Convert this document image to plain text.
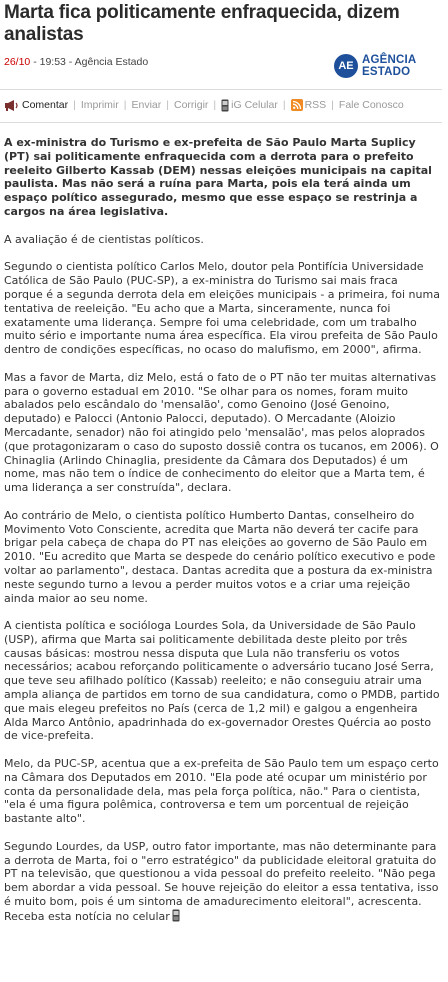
Marta fica politicamente enfraquecida, dizem analistas
26/10 - 19:53 - Agência Estado	AE AGÊNCIA
ESTADO
Comentar | Imprimir | Enviar | Corrigir | iG Celular | RSS | Fale Conosco

A ex-ministra do Turismo e ex-prefeita de São Paulo Marta Suplicy (PT) sai politicamente enfraquecida com a derrota para o prefeito reeleito Gilberto Kassab (DEM) nessas eleições municipais na capital paulista. Mas não será a ruína para Marta, pois ela terá ainda um espaço político assegurado, mesmo que esse espaço se restrinja a cargos na área legislativa.

A avaliação é de cientistas políticos.

Segundo o cientista político Carlos Melo, doutor pela Pontifícia Universidade Católica de São Paulo (PUC-SP), a ex-ministra do Turismo sai mais fraca porque é a segunda derrota dela em eleições municipais - a primeira, foi numa tentativa de reeleição. "Eu acho que a Marta, sinceramente, nunca foi exatamente uma liderança. Sempre foi uma celebridade, com um trabalho muito sério e importante numa área específica. Ela virou prefeita de São Paulo dentro de condições específicas, no ocaso do malufismo, em 2000", afirma.

Mas a favor de Marta, diz Melo, está o fato de o PT não ter muitas alternativas para o governo estadual em 2010. "Se olhar para os nomes, foram muito abalados pelo escândalo do 'mensalão', como Genoino (José Genoino, deputado) e Palocci (Antonio Palocci, deputado). O Mercadante (Aloizio Mercadante, senador) não foi atingido pelo 'mensalão', mas pelos aloprados (que protagonizaram o caso do suposto dossiê contra os tucanos, em 2006). O Chinaglia (Arlindo Chinaglia, presidente da Câmara dos Deputados) é um nome, mas não tem o índice de conhecimento do eleitor que a Marta tem, é uma liderança a ser construída", declara.

Ao contrário de Melo, o cientista político Humberto Dantas, conselheiro do Movimento Voto Consciente, acredita que Marta não deverá ter cacife para brigar pela cabeça de chapa do PT nas eleições ao governo de São Paulo em 2010. "Eu acredito que Marta se despede do cenário político executivo e pode voltar ao parlamento", destaca. Dantas acredita que a postura da ex-ministra neste segundo turno a levou a perder muitos votos e a criar uma rejeição ainda maior ao seu nome.

A cientista política e socióloga Lourdes Sola, da Universidade de São Paulo (USP), afirma que Marta sai politicamente debilitada deste pleito por três causas básicas: mostrou nessa disputa que Lula não transferiu os votos necessários; acabou reforçando politicamente o adversário tucano José Serra, que teve seu afilhado político (Kassab) reeleito; e não conseguiu atrair uma ampla aliança de partidos em torno de sua candidatura, como o PMDB, partido que mais elegeu prefeitos no País (cerca de 1,2 mil) e galgou a engenheira Alda Marco Antônio, apadrinhada do ex-governador Orestes Quércia ao posto de vice-prefeita.

Melo, da PUC-SP, acentua que a ex-prefeita de São Paulo tem um espaço certo na Câmara dos Deputados em 2010. "Ela pode até ocupar um ministério por conta da personalidade dela, mas pela força política, não." Para o cientista, "ela é uma figura polêmica, controversa e tem um porcentual de rejeição bastante alto".

Segundo Lourdes, da USP, outro fator importante, mas não determinante para a derrota de Marta, foi o "erro estratégico" da publicidade eleitoral gratuita do PT na televisão, que questionou a vida pessoal do prefeito reeleito. "Não pega bem abordar a vida pessoal. Se houve rejeição do eleitor a essa tentativa, isso é muito bom, pois é um sintoma de amadurecimento eleitoral", acrescenta.
Receba esta notícia no celular
